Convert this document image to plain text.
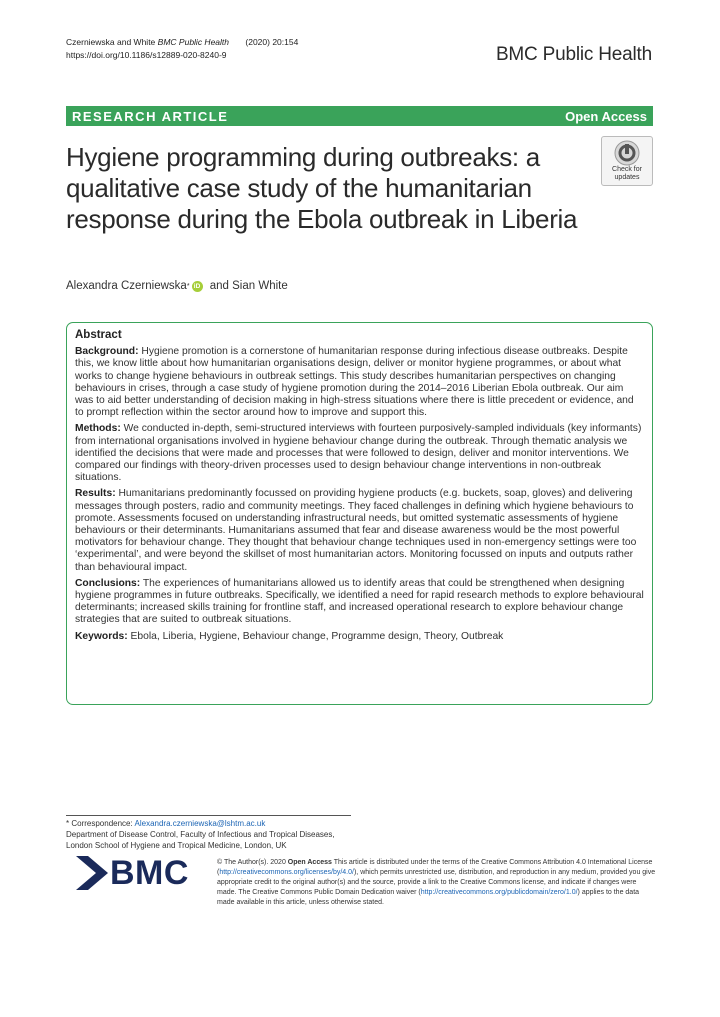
Czerniewska and White BMC Public Health (2020) 20:154
https://doi.org/10.1186/s12889-020-8240-9	BMC Public Health
RESEARCH ARTICLE	Open Access
Hygiene programming during outbreaks: a qualitative case study of the humanitarian response during the Ebola outbreak in Liberia
Check for
updates
Alexandra Czerniewska * iD and Sian White
Abstract

Background: Hygiene promotion is a cornerstone of humanitarian response during infectious disease outbreaks. Despite this, we know little about how humanitarian organisations design, deliver or monitor hygiene programmes, or about what works to change hygiene behaviours in outbreak settings. This study describes humanitarian perspectives on changing behaviours in crises, through a case study of hygiene promotion during the 2014–2016 Liberian Ebola outbreak. Our aim was to aid better understanding of decision making in high-stress situations where there is little precedent or evidence, and to prompt reflection within the sector around how to improve and support this.

Methods: We conducted in-depth, semi-structured interviews with fourteen purposively-sampled individuals (key informants) from international organisations involved in hygiene behaviour change during the outbreak. Through thematic analysis we identified the decisions that were made and processes that were followed to design, deliver and monitor interventions. We compared our findings with theory-driven processes used to design behaviour change interventions in non-outbreak situations.

Results: Humanitarians predominantly focussed on providing hygiene products (e.g. buckets, soap, gloves) and delivering messages through posters, radio and community meetings. They faced challenges in defining which hygiene behaviours to promote. Assessments focused on understanding infrastructural needs, but omitted systematic assessments of hygiene behaviours or their determinants. Humanitarians assumed that fear and disease awareness would be the most powerful motivators for behaviour change. They thought that behaviour change techniques used in non-emergency settings were too ‘experimental’, and were beyond the skillset of most humanitarian actors. Monitoring focussed on inputs and outputs rather than behavioural impact.

Conclusions: The experiences of humanitarians allowed us to identify areas that could be strengthened when designing hygiene programmes in future outbreaks. Specifically, we identified a need for rapid research methods to explore behavioural determinants; increased skills training for frontline staff, and increased operational research to explore behaviour change strategies that are suited to outbreak situations.

Keywords: Ebola, Liberia, Hygiene, Behaviour change, Programme design, Theory, Outbreak

* Correspondence: Alexandra.czerniewska@lshtm.ac.uk
Department of Disease Control, Faculty of Infectious and Tropical Diseases,
London School of Hygiene and Tropical Medicine, London, UK
BMC	© The Author(s). 2020 Open Access This article is distributed under the terms of the Creative Commons Attribution 4.0 International License (http://creativecommons.org/licenses/by/4.0/), which permits unrestricted use, distribution, and reproduction in any medium, provided you give appropriate credit to the original author(s) and the source, provide a link to the Creative Commons license, and indicate if changes were made. The Creative Commons Public Domain Dedication waiver (http://creativecommons.org/publicdomain/zero/1.0/) applies to the data made available in this article, unless otherwise stated.
